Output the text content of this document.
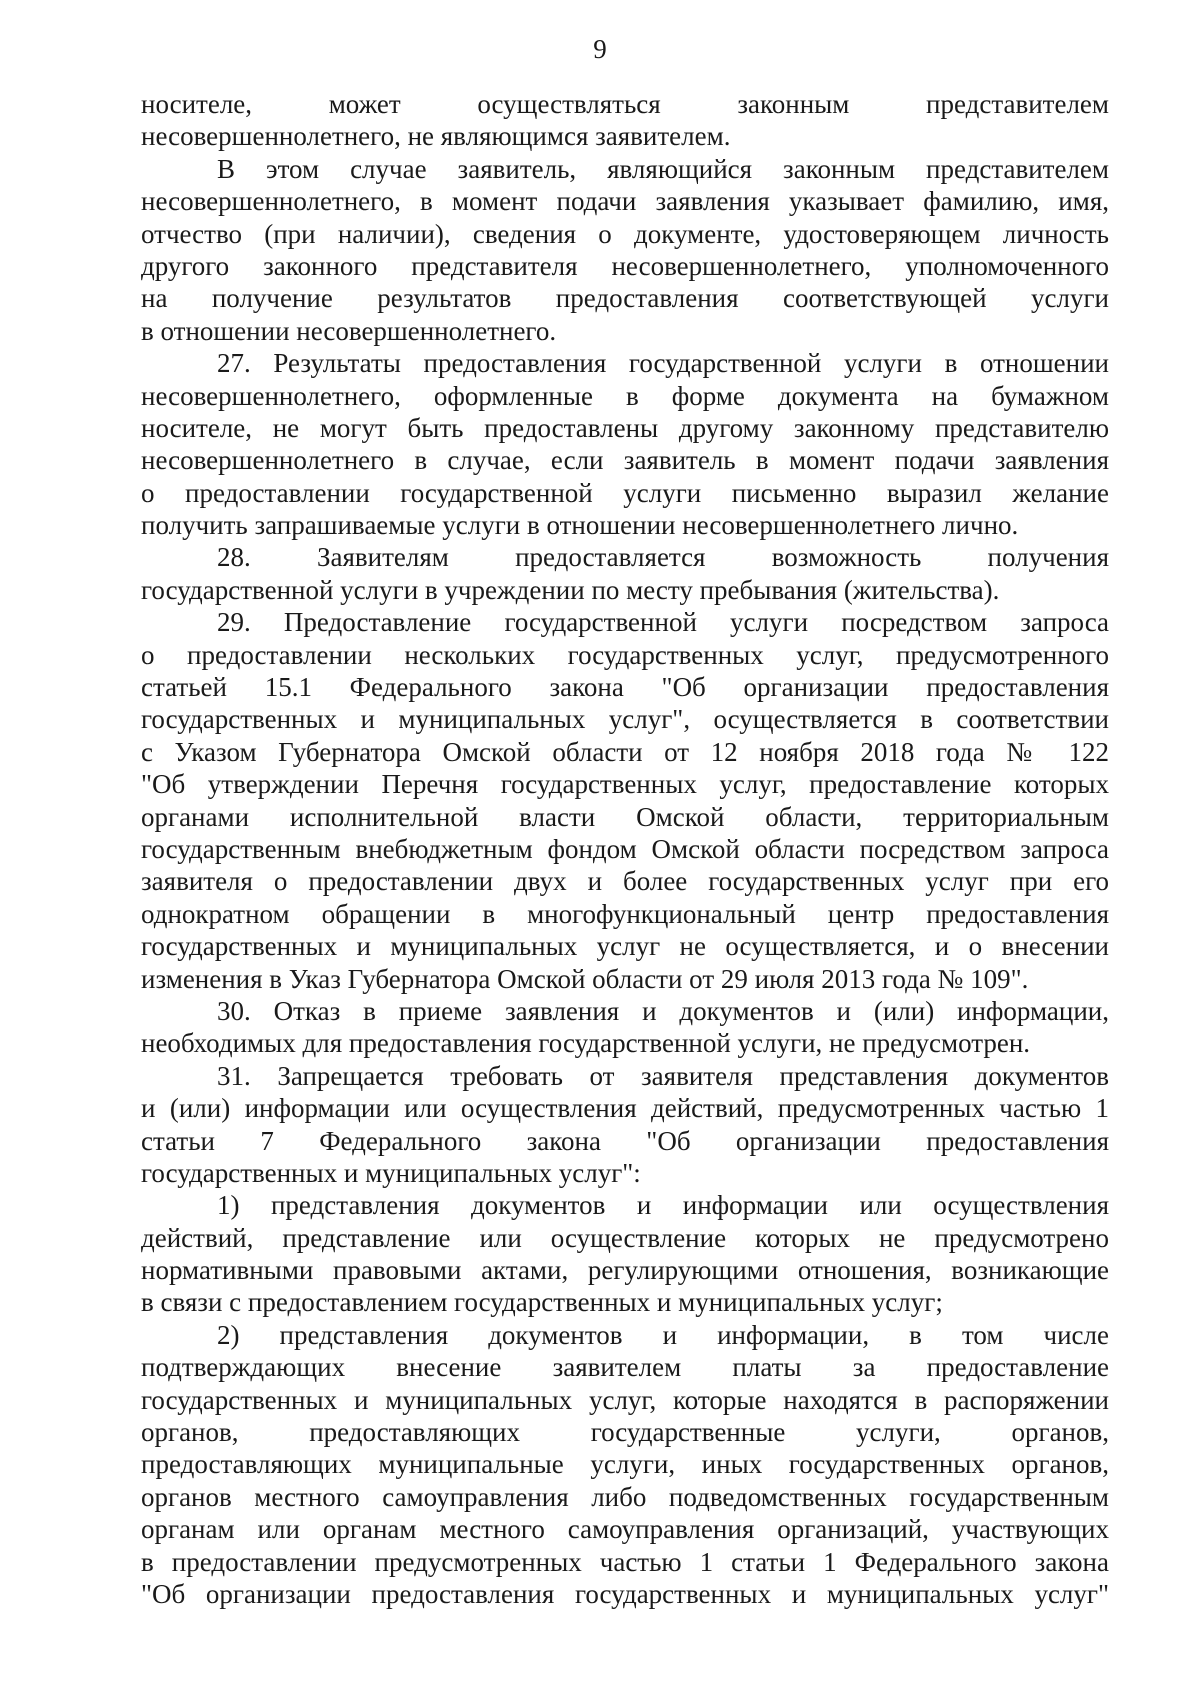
9
носителе, может осуществляться законным представителем
несовершеннолетнего, не являющимся заявителем.
В этом случае заявитель, являющийся законным представителем
несовершеннолетнего, в момент подачи заявления указывает фамилию, имя,
отчество (при наличии), сведения о документе, удостоверяющем личность
другого законного представителя несовершеннолетнего, уполномоченного
на получение результатов предоставления соответствующей услуги
в отношении несовершеннолетнего.
27. Результаты предоставления государственной услуги в отношении
несовершеннолетнего, оформленные в форме документа на бумажном
носителе, не могут быть предоставлены другому законному представителю
несовершеннолетнего в случае, если заявитель в момент подачи заявления
о предоставлении государственной услуги письменно выразил желание
получить запрашиваемые услуги в отношении несовершеннолетнего лично.
28. Заявителям предоставляется возможность получения
государственной услуги в учреждении по месту пребывания (жительства).
29. Предоставление государственной услуги посредством запроса
о предоставлении нескольких государственных услуг, предусмотренного
статьей 15.1 Федерального закона "Об организации предоставления
государственных и муниципальных услуг", осуществляется в соответствии
с Указом Губернатора Омской области от 12 ноября 2018 года № 122
"Об утверждении Перечня государственных услуг, предоставление которых
органами исполнительной власти Омской области, территориальным
государственным внебюджетным фондом Омской области посредством запроса
заявителя о предоставлении двух и более государственных услуг при его
однократном обращении в многофункциональный центр предоставления
государственных и муниципальных услуг не осуществляется, и о внесении
изменения в Указ Губернатора Омской области от 29 июля 2013 года № 109".
30. Отказ в приеме заявления и документов и (или) информации,
необходимых для предоставления государственной услуги, не предусмотрен.
31. Запрещается требовать от заявителя представления документов
и (или) информации или осуществления действий, предусмотренных частью 1
статьи 7 Федерального закона "Об организации предоставления
государственных и муниципальных услуг":
1) представления документов и информации или осуществления
действий, представление или осуществление которых не предусмотрено
нормативными правовыми актами, регулирующими отношения, возникающие
в связи с предоставлением государственных и муниципальных услуг;
2) представления документов и информации, в том числе
подтверждающих внесение заявителем платы за предоставление
государственных и муниципальных услуг, которые находятся в распоряжении
органов, предоставляющих государственные услуги, органов,
предоставляющих муниципальные услуги, иных государственных органов,
органов местного самоуправления либо подведомственных государственным
органам или органам местного самоуправления организаций, участвующих
в предоставлении предусмотренных частью 1 статьи 1 Федерального закона
"Об организации предоставления государственных и муниципальных услуг"
